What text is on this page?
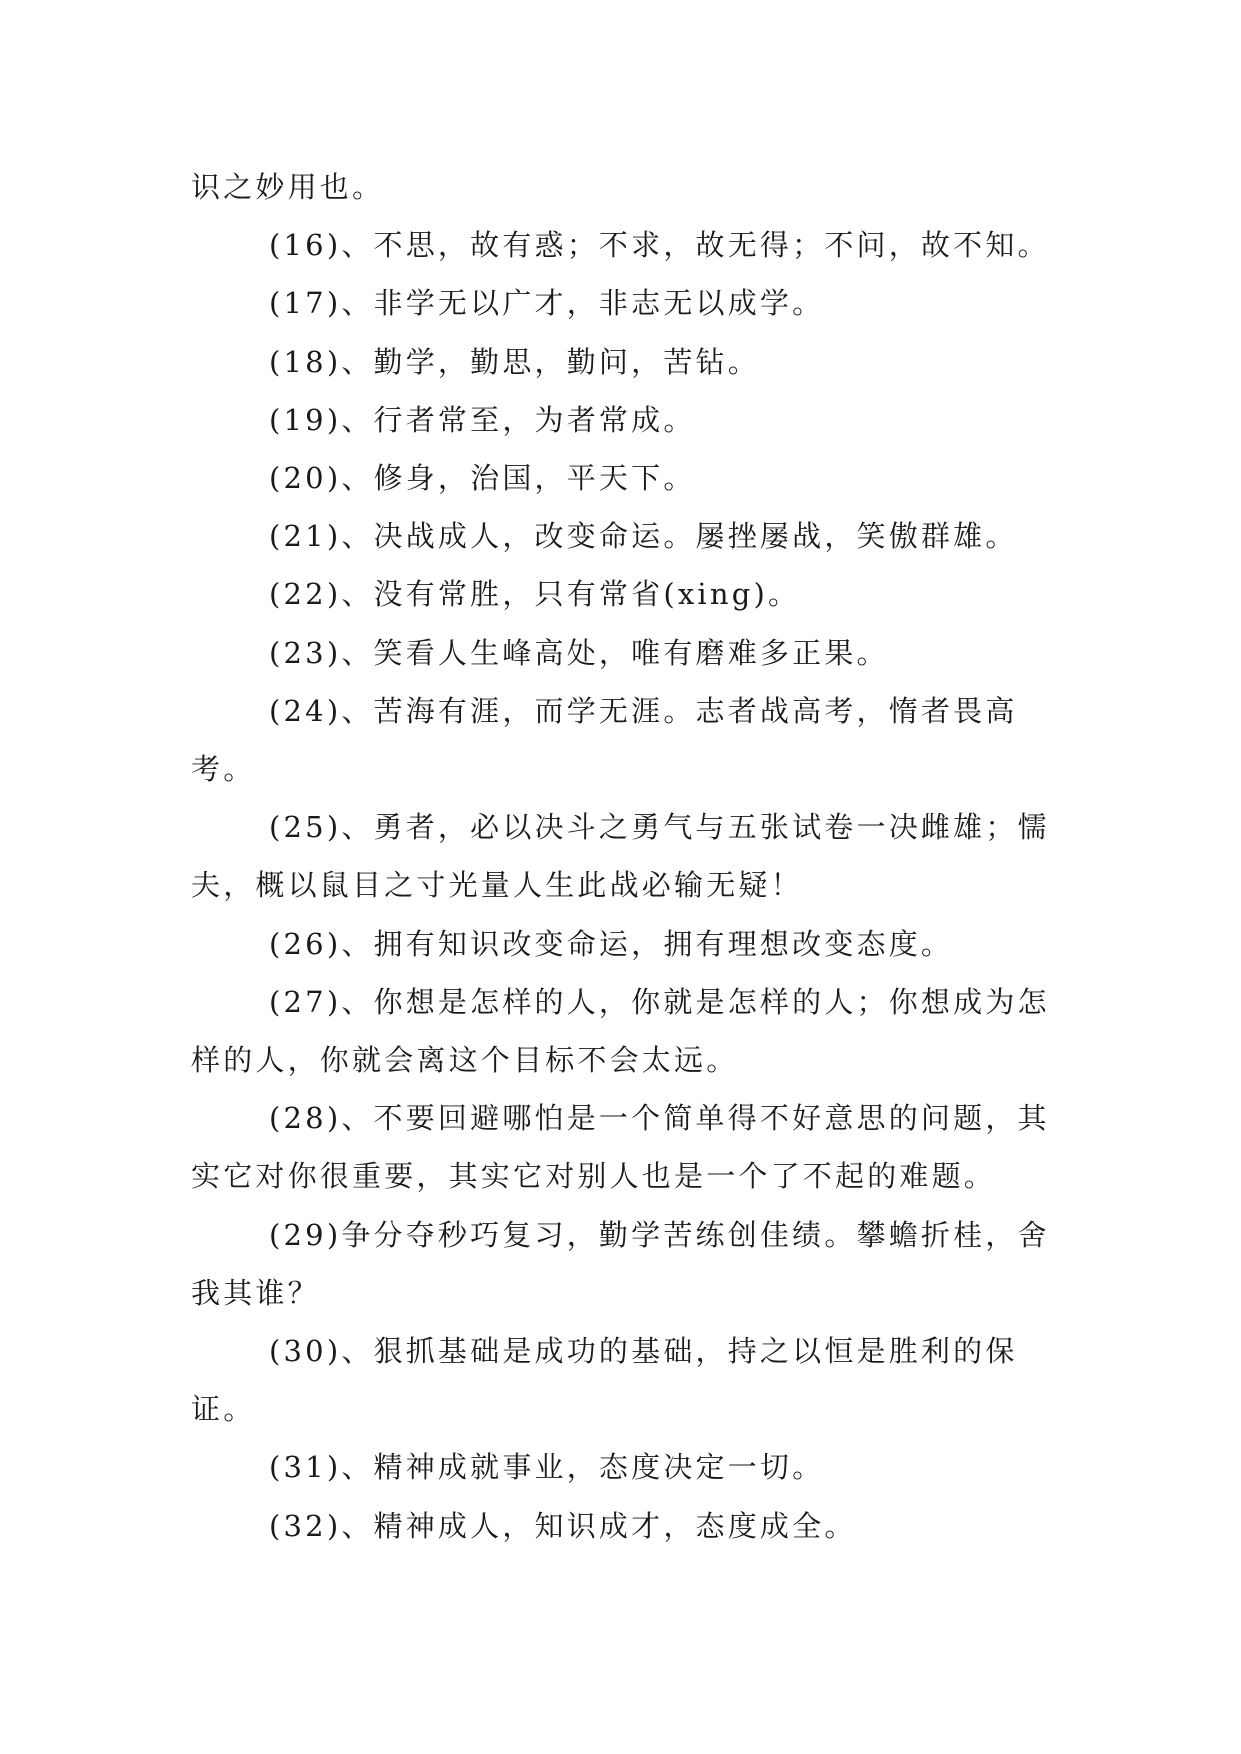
识之妙用也。

(16)、不思，故有惑；不求，故无得；不问，故不知。

(17)、非学无以广才，非志无以成学。

(18)、勤学，勤思，勤问，苦钻。

(19)、行者常至，为者常成。

(20)、修身，治国，平天下。

(21)、决战成人，改变命运。屡挫屡战，笑傲群雄。

(22)、没有常胜，只有常省(xing)。

(23)、笑看人生峰高处，唯有磨难多正果。

(24)、苦海有涯，而学无涯。志者战高考，惰者畏高考。

(25)、勇者，必以决斗之勇气与五张试卷一决雌雄；懦夫，概以鼠目之寸光量人生此战必输无疑！

(26)、拥有知识改变命运，拥有理想改变态度。

(27)、你想是怎样的人，你就是怎样的人；你想成为怎样的人，你就会离这个目标不会太远。

(28)、不要回避哪怕是一个简单得不好意思的问题，其实它对你很重要，其实它对别人也是一个了不起的难题。

(29)争分夺秒巧复习，勤学苦练创佳绩。攀蟾折桂，舍我其谁？

(30)、狠抓基础是成功的基础，持之以恒是胜利的保证。

(31)、精神成就事业，态度决定一切。

(32)、精神成人，知识成才，态度成全。
